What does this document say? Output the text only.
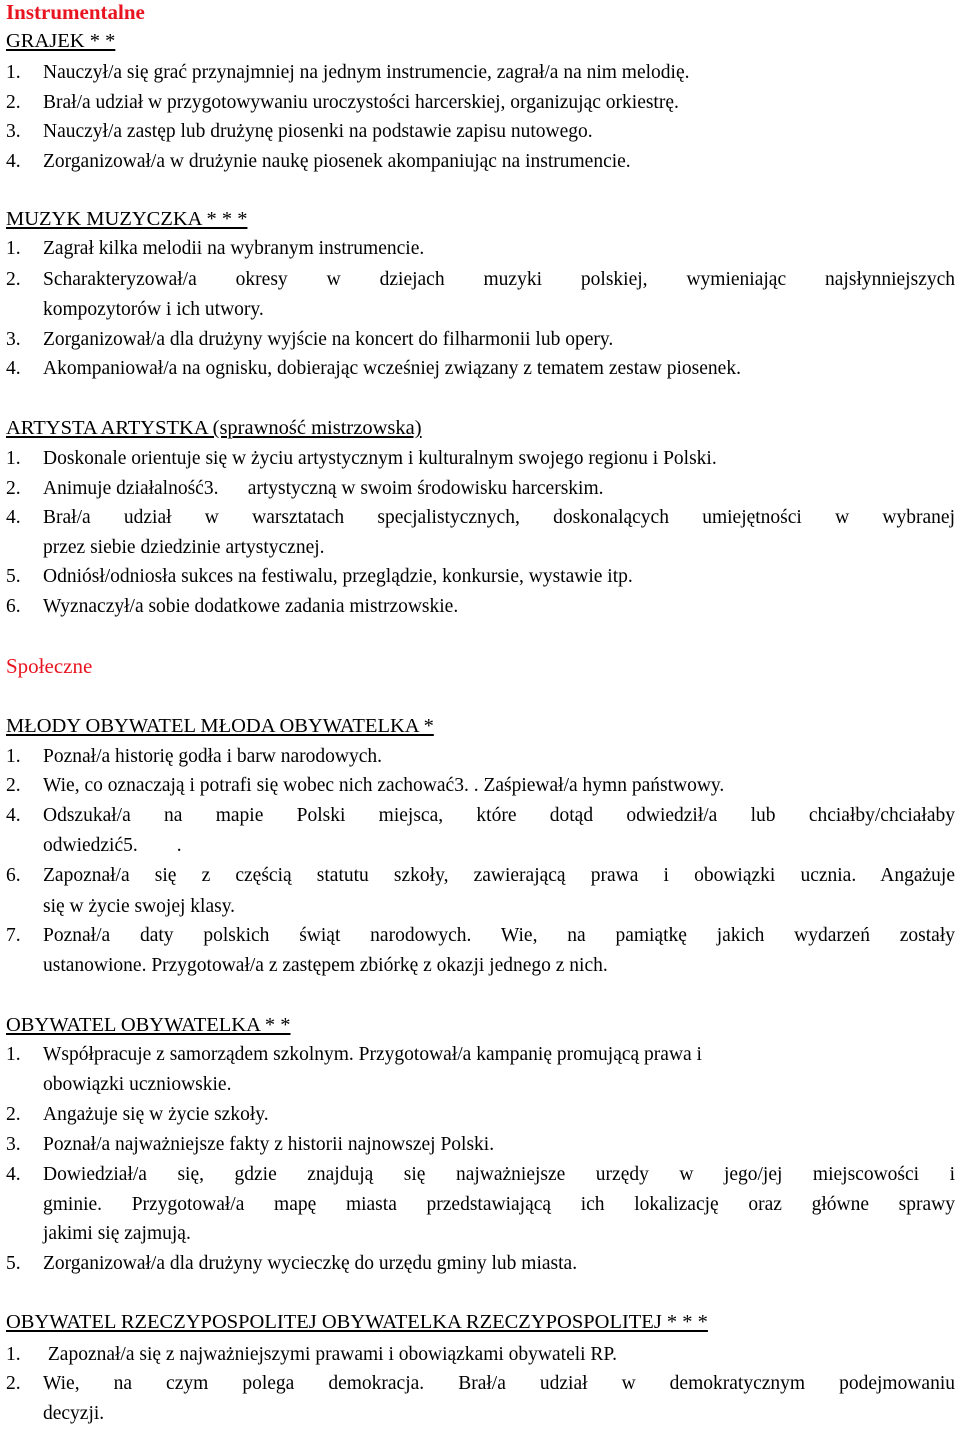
Instrumentalne
GRAJEK * *
1. Nauczył/a się grać przynajmniej na jednym instrumencie, zagrał/a na nim melodię.
2. Brał/a udział w przygotowywaniu uroczystości harcerskiej, organizując orkiestrę.
3. Nauczył/a zastęp lub drużynę piosenki na podstawie zapisu nutowego.
4. Zorganizował/a w drużynie naukę piosenek akompaniując na instrumencie.
MUZYK MUZYCZKA * * *
1. Zagrał kilka melodii na wybranym instrumencie.
2. Scharakteryzował/a okresy w dziejach muzyki polskiej, wymieniając najsłynniejszych
kompozytorów i ich utwory.
3. Zorganizował/a dla drużyny wyjście na koncert do filharmonii lub opery.
4. Akompaniował/a na ognisku, dobierając wcześniej związany z tematem zestaw piosenek.
ARTYSTA ARTYSTKA (sprawność mistrzowska)
1. Doskonale orientuje się w życiu artystycznym i kulturalnym swojego regionu i Polski.
2. Animuje działalność3.      artystyczną w swoim środowisku harcerskim.
4. Brał/a udział w warsztatach specjalistycznych, doskonalących umiejętności w wybranej
przez siebie dziedzinie artystycznej.
5. Odniósł/odniosła sukces na festiwalu, przeglądzie, konkursie, wystawie itp.
6. Wyznaczył/a sobie dodatkowe zadania mistrzowskie.
Społeczne
MŁODY OBYWATEL MŁODA OBYWATELKA *
1. Poznał/a historię godła i barw narodowych.
2. Wie, co oznaczają i potrafi się wobec nich zachować3. . Zaśpiewał/a hymn państwowy.
4. Odszukał/a na mapie Polski miejsca, które dotąd odwiedził/a lub chciałby/chciałaby
odwiedzić5.        .
6. Zapoznał/a się z częścią statutu szkoły, zawierającą prawa i obowiązki ucznia. Angażuje
się w życie swojej klasy.
7. Poznał/a daty polskich świąt narodowych. Wie, na pamiątkę jakich wydarzeń zostały
ustanowione. Przygotował/a z zastępem zbiórkę z okazji jednego z nich.
OBYWATEL OBYWATELKA * *
1. Współpracuje z samorządem szkolnym. Przygotował/a kampanię promującą prawa i
obowiązki uczniowskie.
2. Angażuje się w życie szkoły.
3. Poznał/a najważniejsze fakty z historii najnowszej Polski.
4. Dowiedział/a się, gdzie znajdują się najważniejsze urzędy w jego/jej miejscowości i
gminie. Przygotował/a mapę miasta przedstawiającą ich lokalizację oraz główne sprawy
jakimi się zajmują.
5. Zorganizował/a dla drużyny wycieczkę do urzędu gminy lub miasta.
OBYWATEL RZECZYPOSPOLITEJ OBYWATELKA RZECZYPOSPOLITEJ * * *
1. Zapoznał/a się z najważniejszymi prawami i obowiązkami obywateli RP.
2. Wie, na czym polega demokracja. Brał/a udział w demokratycznym podejmowaniu
decyzji.
